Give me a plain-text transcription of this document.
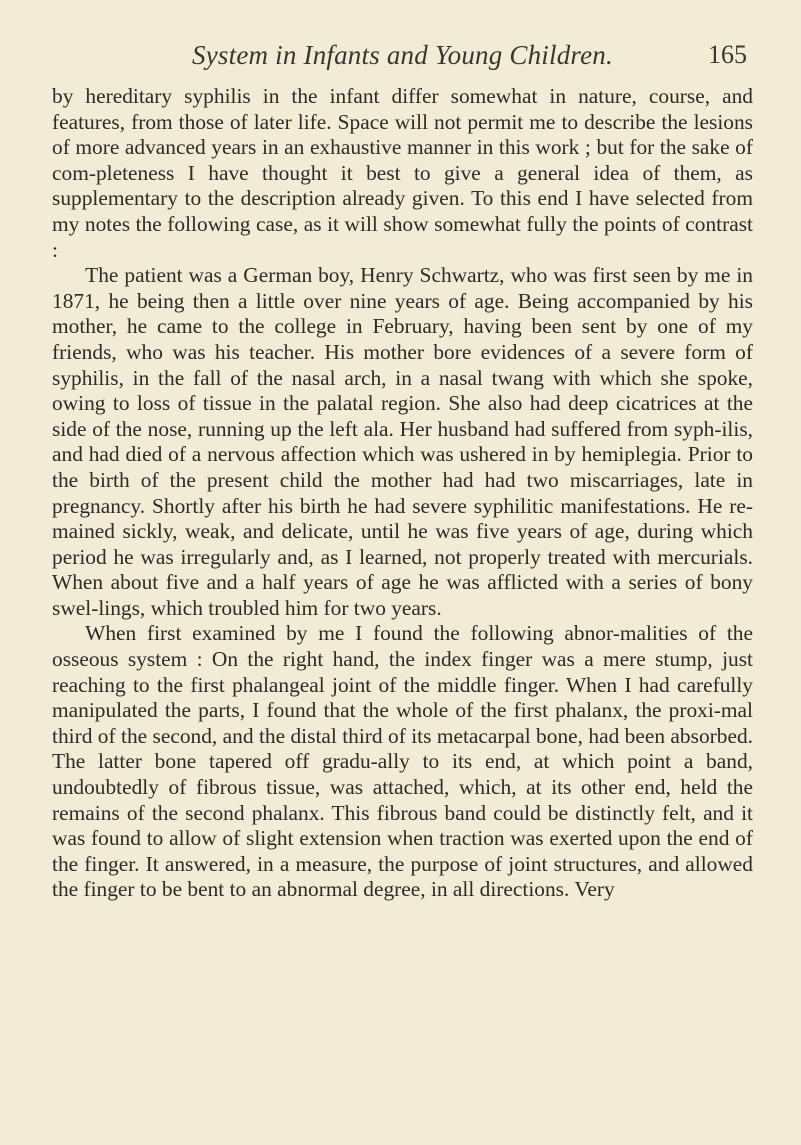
System in Infants and Young Children.	165

by hereditary syphilis in the infant differ somewhat in nature, course, and features, from those of later life. Space will not permit me to describe the lesions of more advanced years in an exhaustive manner in this work ; but for the sake of com-pleteness I have thought it best to give a general idea of them, as supplementary to the description already given. To this end I have selected from my notes the following case, as it will show somewhat fully the points of contrast :

The patient was a German boy, Henry Schwartz, who was first seen by me in 1871, he being then a little over nine years of age. Being accompanied by his mother, he came to the college in February, having been sent by one of my friends, who was his teacher. His mother bore evidences of a severe form of syphilis, in the fall of the nasal arch, in a nasal twang with which she spoke, owing to loss of tissue in the palatal region. She also had deep cicatrices at the side of the nose, running up the left ala. Her husband had suffered from syph-ilis, and had died of a nervous affection which was ushered in by hemiplegia. Prior to the birth of the present child the mother had had two miscarriages, late in pregnancy. Shortly after his birth he had severe syphilitic manifestations. He re-mained sickly, weak, and delicate, until he was five years of age, during which period he was irregularly and, as I learned, not properly treated with mercurials. When about five and a half years of age he was afflicted with a series of bony swel-lings, which troubled him for two years.

When first examined by me I found the following abnor-malities of the osseous system : On the right hand, the index finger was a mere stump, just reaching to the first phalangeal joint of the middle finger. When I had carefully manipulated the parts, I found that the whole of the first phalanx, the proxi-mal third of the second, and the distal third of its metacarpal bone, had been absorbed. The latter bone tapered off gradu-ally to its end, at which point a band, undoubtedly of fibrous tissue, was attached, which, at its other end, held the remains of the second phalanx. This fibrous band could be distinctly felt, and it was found to allow of slight extension when traction was exerted upon the end of the finger. It answered, in a measure, the purpose of joint structures, and allowed the finger to be bent to an abnormal degree, in all directions. Very
